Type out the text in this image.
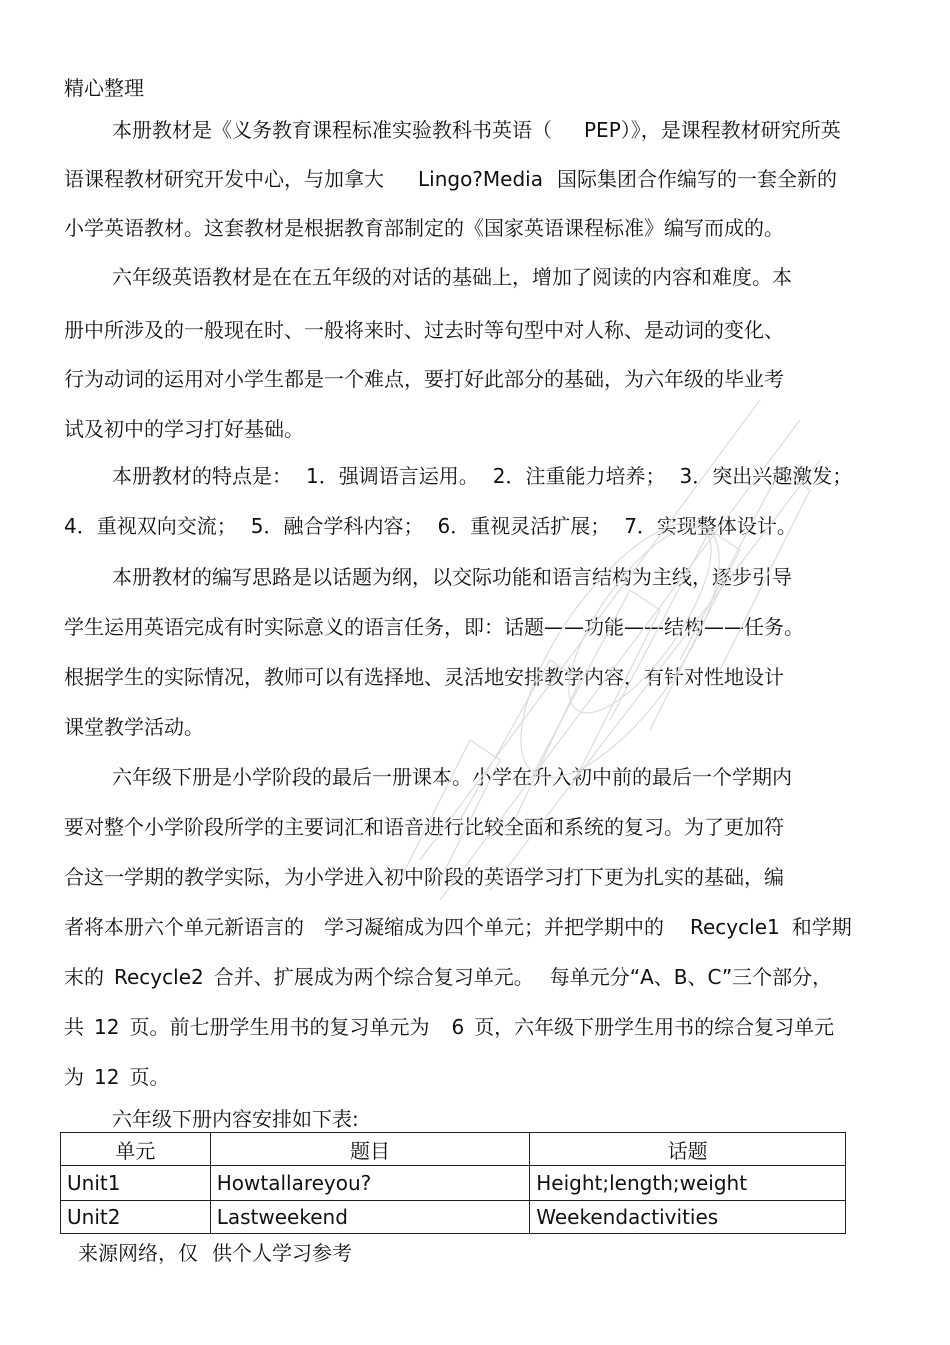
精心整理
本册教材是《义务教育课程标准实验教科书英语（ PEP）》，是课程教材研究所英
语课程教材研究开发中心，与加拿大 Lingo?Media 国际集团合作编写的一套全新的
小学英语教材。这套教材是根据教育部制定的《国家英语课程标准》编写而成的。
六年级英语教材是在在五年级的对话的基础上，增加了阅读的内容和难度。本
册中所涉及的一般现在时、一般将来时、过去时等句型中对人称、是动词的变化、
行为动词的运用对小学生都是一个难点，要打好此部分的基础，为六年级的毕业考
试及初中的学习打好基础。
本册教材的特点是： 1．强调语言运用。 2．注重能力培养； 3．突出兴趣激发；
4．重视双向交流； 5．融合学科内容； 6．重视灵活扩展； 7．实现整体设计。
本册教材的编写思路是以话题为纲，以交际功能和语言结构为主线，逐步引导
学生运用英语完成有时实际意义的语言任务，即：话题——功能——结构——任务。
根据学生的实际情况，教师可以有选择地、灵活地安排教学内容，有针对性地设计
课堂教学活动。
六年级下册是小学阶段的最后一册课本。小学在升入初中前的最后一个学期内
要对整个小学阶段所学的主要词汇和语音进行比较全面和系统的复习。为了更加符
合这一学期的教学实际，为小学进入初中阶段的英语学习打下更为扎实的基础，编
者将本册六个单元新语言的 学习凝缩成为四个单元；并把学期中的 Recycle1 和学期
末的 Recycle2 合并、扩展成为两个综合复习单元。 每单元分“A、B、C”三个部分，
共 12 页。前七册学生用书的复习单元为 6 页，六年级下册学生用书的综合复习单元
为 12 页。
六年级下册内容安排如下表:
单元	题目	话题
Unit1	Howtallareyou?	Height;length;weight
Unit2	Lastweekend	Weekendactivities
来源网络，仅 供个人学习参考
